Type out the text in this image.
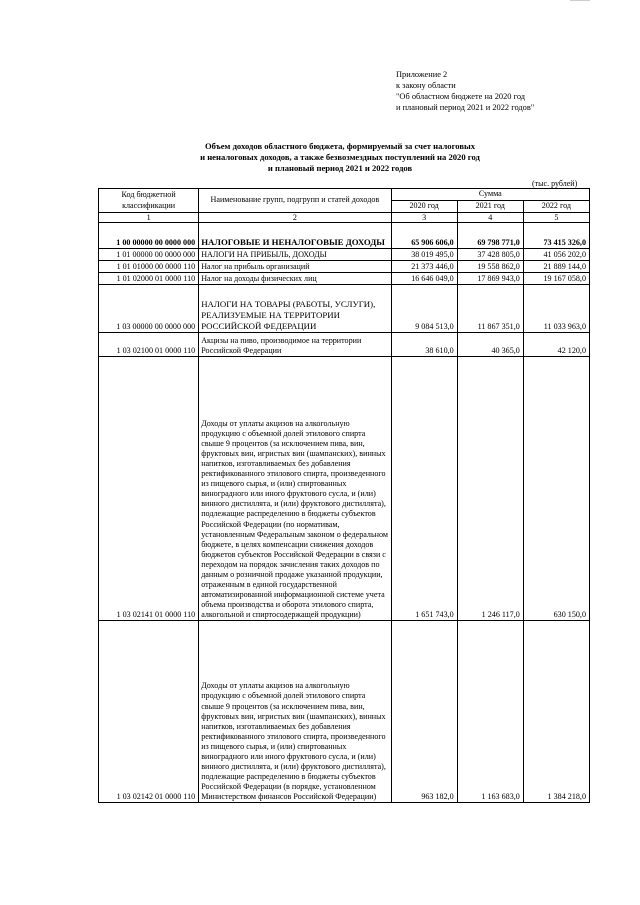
Приложение 2
к закону области
"Об областном бюджете на 2020 год
и плановый период 2021 и 2022 годов"
Объем доходов областного бюджета, формируемый за счет налоговых
и неналоговых доходов, а также безвозмездных поступлений на 2020 год
и плановый период 2021 и 2022 годов
(тыс. рублей)
Код бюджетной классификации	Наименование групп, подгрупп и статей доходов	Сумма		
		2020 год	2021 год	2022 год
1	2	3	4	5
1 00 00000 00 0000 000	НАЛОГОВЫЕ И НЕНАЛОГОВЫЕ ДОХОДЫ	65 906 606,0	69 798 771,0	73 415 326,0
1 01 00000 00 0000 000	НАЛОГИ НА ПРИБЫЛЬ, ДОХОДЫ	38 019 495,0	37 428 805,0	41 056 202,0
1 01 01000 00 0000 110	Налог на прибыль организаций	21 373 446,0	19 558 862,0	21 889 144,0
1 01 02000 01 0000 110	Налог на доходы физических лиц	16 646 049,0	17 869 943,0	19 167 058,0
1 03 00000 00 0000 000	НАЛОГИ НА ТОВАРЫ (РАБОТЫ, УСЛУГИ), РЕАЛИЗУЕМЫЕ НА ТЕРРИТОРИИ РОССИЙСКОЙ ФЕДЕРАЦИИ	9 084 513,0	11 867 351,0	11 033 963,0
1 03 02100 01 0000 110	Акцизы на пиво, производимое на территории Российской Федерации	38 610,0	40 365,0	42 120,0
1 03 02141 01 0000 110	Доходы от уплаты акцизов на алкогольную продукцию с объемной долей этилового спирта свыше 9 процентов (за исключением пива, вин, фруктовых вин, игристых вин (шампанских), винных напитков, изготавливаемых без добавления ректификованного этилового спирта, произведенного из пищевого сырья, и (или) спиртованных виноградного или иного фруктового сусла, и (или) винного дистиллята, и (или) фруктового дистиллята), подлежащие распределению в бюджеты субъектов Российской Федерации (по нормативам, установленным Федеральным законом о федеральном бюджете, в целях компенсации снижения доходов бюджетов субъектов Российской Федерации в связи с переходом на порядок зачисления таких доходов по данным о розничной продаже указанной продукции, отраженным в единой государственной автоматизированной информационной системе учета объема производства и оборота этилового спирта, алкогольной и спиртосодержащей продукции)	1 651 743,0	1 246 117,0	630 150,0
1 03 02142 01 0000 110	Доходы от уплаты акцизов на алкогольную продукцию с объемной долей этилового спирта свыше 9 процентов (за исключением пива, вин, фруктовых вин, игристых вин (шампанских), винных напитков, изготавливаемых без добавления ректификованного этилового спирта, произведенного из пищевого сырья, и (или) спиртованных виноградного или иного фруктового сусла, и (или) винного дистиллята, и (или) фруктового дистиллята), подлежащие распределению в бюджеты субъектов Российской Федерации (в порядке, установленном Министерством финансов Российской Федерации)	963 182,0	1 163 683,0	1 384 218,0
